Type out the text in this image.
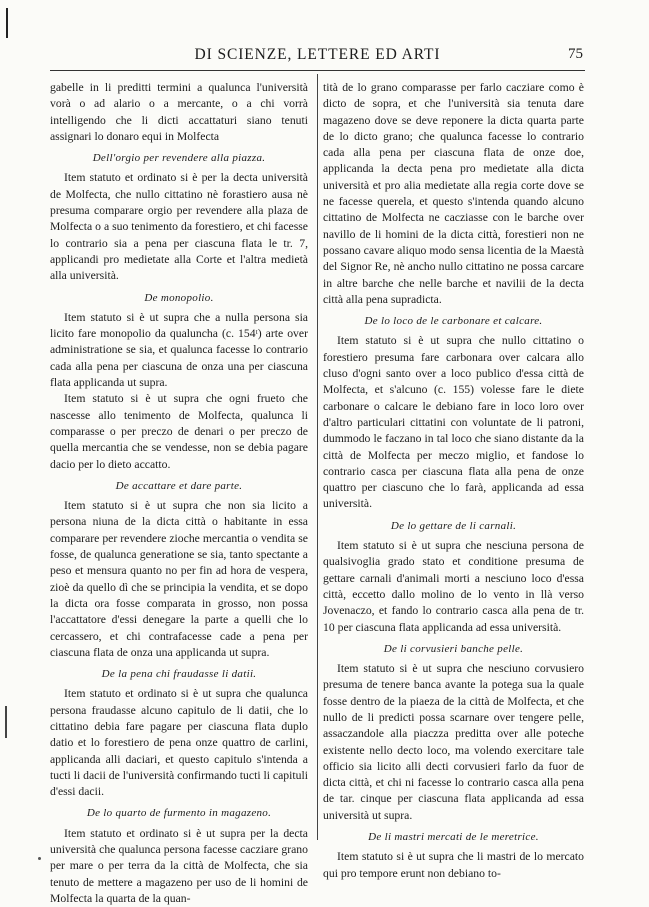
DI SCIENZE, LETTERE ED ARTI	75

gabelle in li preditti termini a qualunca l'università vorà o ad alario o a mercante, o a chi vorrà intelligendo che li dicti accattaturi siano tenuti assignari lo donaro equi in Molfecta

Dell'orgio per revendere alla piazza.

Item statuto et ordinato si è per la decta università de Molfecta, che nullo cittatino nè forastiero ausa nè presuma comparare orgio per revendere alla plaza de Molfecta o a suo tenimento da forestiero, et chi facesse lo contrario sia a pena per ciascuna flata le tr. 7, applicandi pro medietate alla Corte et l'altra medietà alla università.

De monopolio.

Item statuto si è ut supra che a nulla persona sia licito fare monopolio da qualuncha (c. 154ᵗ) arte over administratione se sia, et qualunca facesse lo contrario cada alla pena per ciascuna de onza una per ciascuna flata applicanda ut supra.

Item statuto si è ut supra che ogni frueto che nascesse allo tenimento de Molfecta, qualunca li comparasse o per preczo de denari o per preczo de quella mercantia che se vendesse, non se debia pagare dacio per lo dieto accatto.

De accattare et dare parte.

Item statuto si è ut supra che non sia licito a persona niuna de la dicta città o habitante in essa comparare per revendere zioche mercantia o vendita se fosse, de qualunca generatione se sia, tanto spectante a peso et mensura quanto no per fin ad hora de vespera, zioè da quello dì che se principia la vendita, et se dopo la dicta ora fosse comparata in grosso, non possa l'accattatore d'essi denegare la parte a quelli che lo cercassero, et chi contrafacesse cade a pena per ciascuna flata de onza una applicanda ut supra.

De la pena chi fraudasse li datii.

Item statuto et ordinato si è ut supra che qualunca persona fraudasse alcuno capitulo de li datii, che lo cittatino debia fare pagare per ciascuna flata duplo datio et lo forestiero de pena onze quattro de carlini, applicanda alli daciari, et questo capitulo s'intenda a tucti li dacii de l'università confirmando tucti li capituli d'essi dacii.

De lo quarto de furmento in magazeno.

Item statuto et ordinato si è ut supra per la decta università che qualunca persona facesse cacziare grano per mare o per terra da la città de Molfecta, che sia tenuto de mettere a magazeno per uso de li homini de Molfecta la quarta de la quan-

tità de lo grano comparasse per farlo cacziare como è dicto de sopra, et che l'università sia tenuta dare magazeno dove se deve reponere la dicta quarta parte de lo dicto grano; che qualunca facesse lo contrario cada alla pena per ciascuna flata de onze doe, applicanda la decta pena pro medietate alla dicta università et pro alia medietate alla regia corte dove se ne facesse querela, et questo s'intenda quando alcuno cittatino de Molfecta ne cacziasse con le barche over navillo de li homini de la dicta città, forestieri non ne possano cavare aliquo modo sensa licentia de la Maestà del Signor Re, nè ancho nullo cittatino ne possa carcare in altre barche che nelle barche et navilii de la decta città alla pena supradicta.

De lo loco de le carbonare et calcare.

Item statuto si è ut supra che nullo cittatino o forestiero presuma fare carbonara over calcara allo cluso d'ogni santo over a loco publico d'essa città de Molfecta, et s'alcuno (c. 155) volesse fare le diete carbonare o calcare le debiano fare in loco loro over d'altro particulari cittatini con voluntate de li patroni, dummodo le faczano in tal loco che siano distante da la città de Molfecta per meczo miglio, et fandose lo contrario casca per ciascuna flata alla pena de onze quattro per ciascuno che lo farà, applicanda ad essa università.

De lo gettare de li carnali.

Item statuto si è ut supra che nesciuna persona de qualsivoglia grado stato et conditione presuma de gettare carnali d'animali morti a nesciuno loco d'essa città, eccetto dallo molino de lo vento in llà verso Jovenaczo, et fando lo contrario casca alla pena de tr. 10 per ciascuna flata applicanda ad essa università.

De li corvusieri banche pelle.

Item statuto si è ut supra che nesciuno corvusiero presuma de tenere banca avante la potega sua la quale fosse dentro de la piaeza de la città de Molfecta, et che nullo de li predicti possa scarnare over tengere pelle, assaczandole alla piaczza preditta over alle poteche existente nello decto loco, ma volendo exercitare tale officio sia licito alli decti corvusieri farlo da fuor de dicta città, et chi ni facesse lo contrario casca alla pena de tar. cinque per ciascuna flata applicanda ad essa università ut supra.

De li mastri mercati de le meretrice.

Item statuto si è ut supra che li mastri de lo mercato qui pro tempore erunt non debiano to-
